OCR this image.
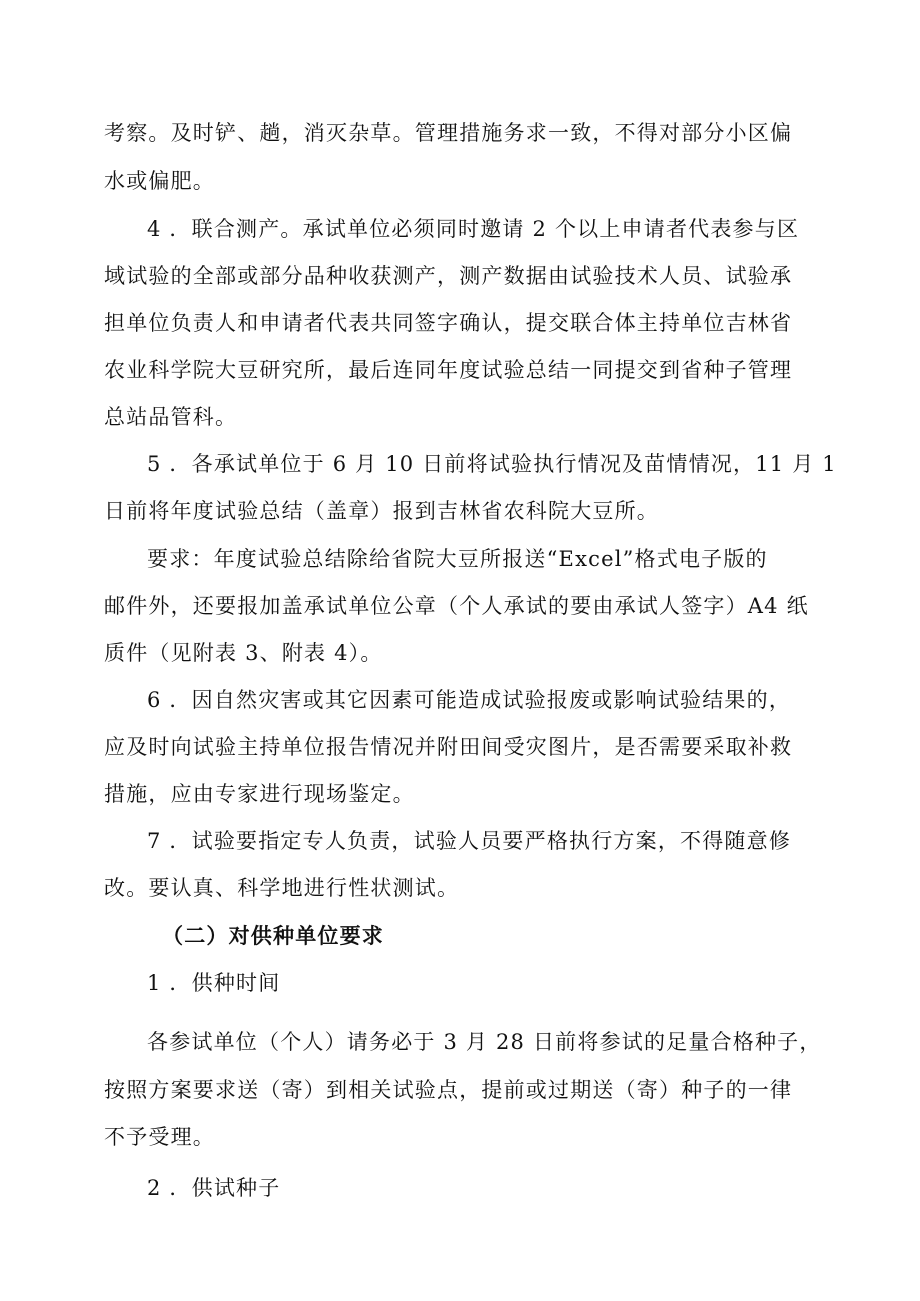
考察。及时铲、趟，消灭杂草。管理措施务求一致，不得对部分小区偏
水或偏肥。
4 ．联合测产。承试单位必须同时邀请 2 个以上申请者代表参与区
域试验的全部或部分品种收获测产，测产数据由试验技术人员、试验承
担单位负责人和申请者代表共同签字确认，提交联合体主持单位吉林省
农业科学院大豆研究所，最后连同年度试验总结一同提交到省种子管理
总站品管科。
5 ．各承试单位于 6 月 10 日前将试验执行情况及苗情情况，11 月 1
日前将年度试验总结（盖章）报到吉林省农科院大豆所。
要求：年度试验总结除给省院大豆所报送“Excel”格式电子版的
邮件外，还要报加盖承试单位公章（个人承试的要由承试人签字）A4 纸
质件（见附表 3、附表 4）。
6 ．因自然灾害或其它因素可能造成试验报废或影响试验结果的，
应及时向试验主持单位报告情况并附田间受灾图片，是否需要采取补救
措施，应由专家进行现场鉴定。
7 ．试验要指定专人负责，试验人员要严格执行方案，不得随意修
改。要认真、科学地进行性状测试。
（二）对供种单位要求
1 ．供种时间
各参试单位（个人）请务必于 3 月 28 日前将参试的足量合格种子，
按照方案要求送（寄）到相关试验点，提前或过期送（寄）种子的一律
不予受理。
2 ．供试种子
